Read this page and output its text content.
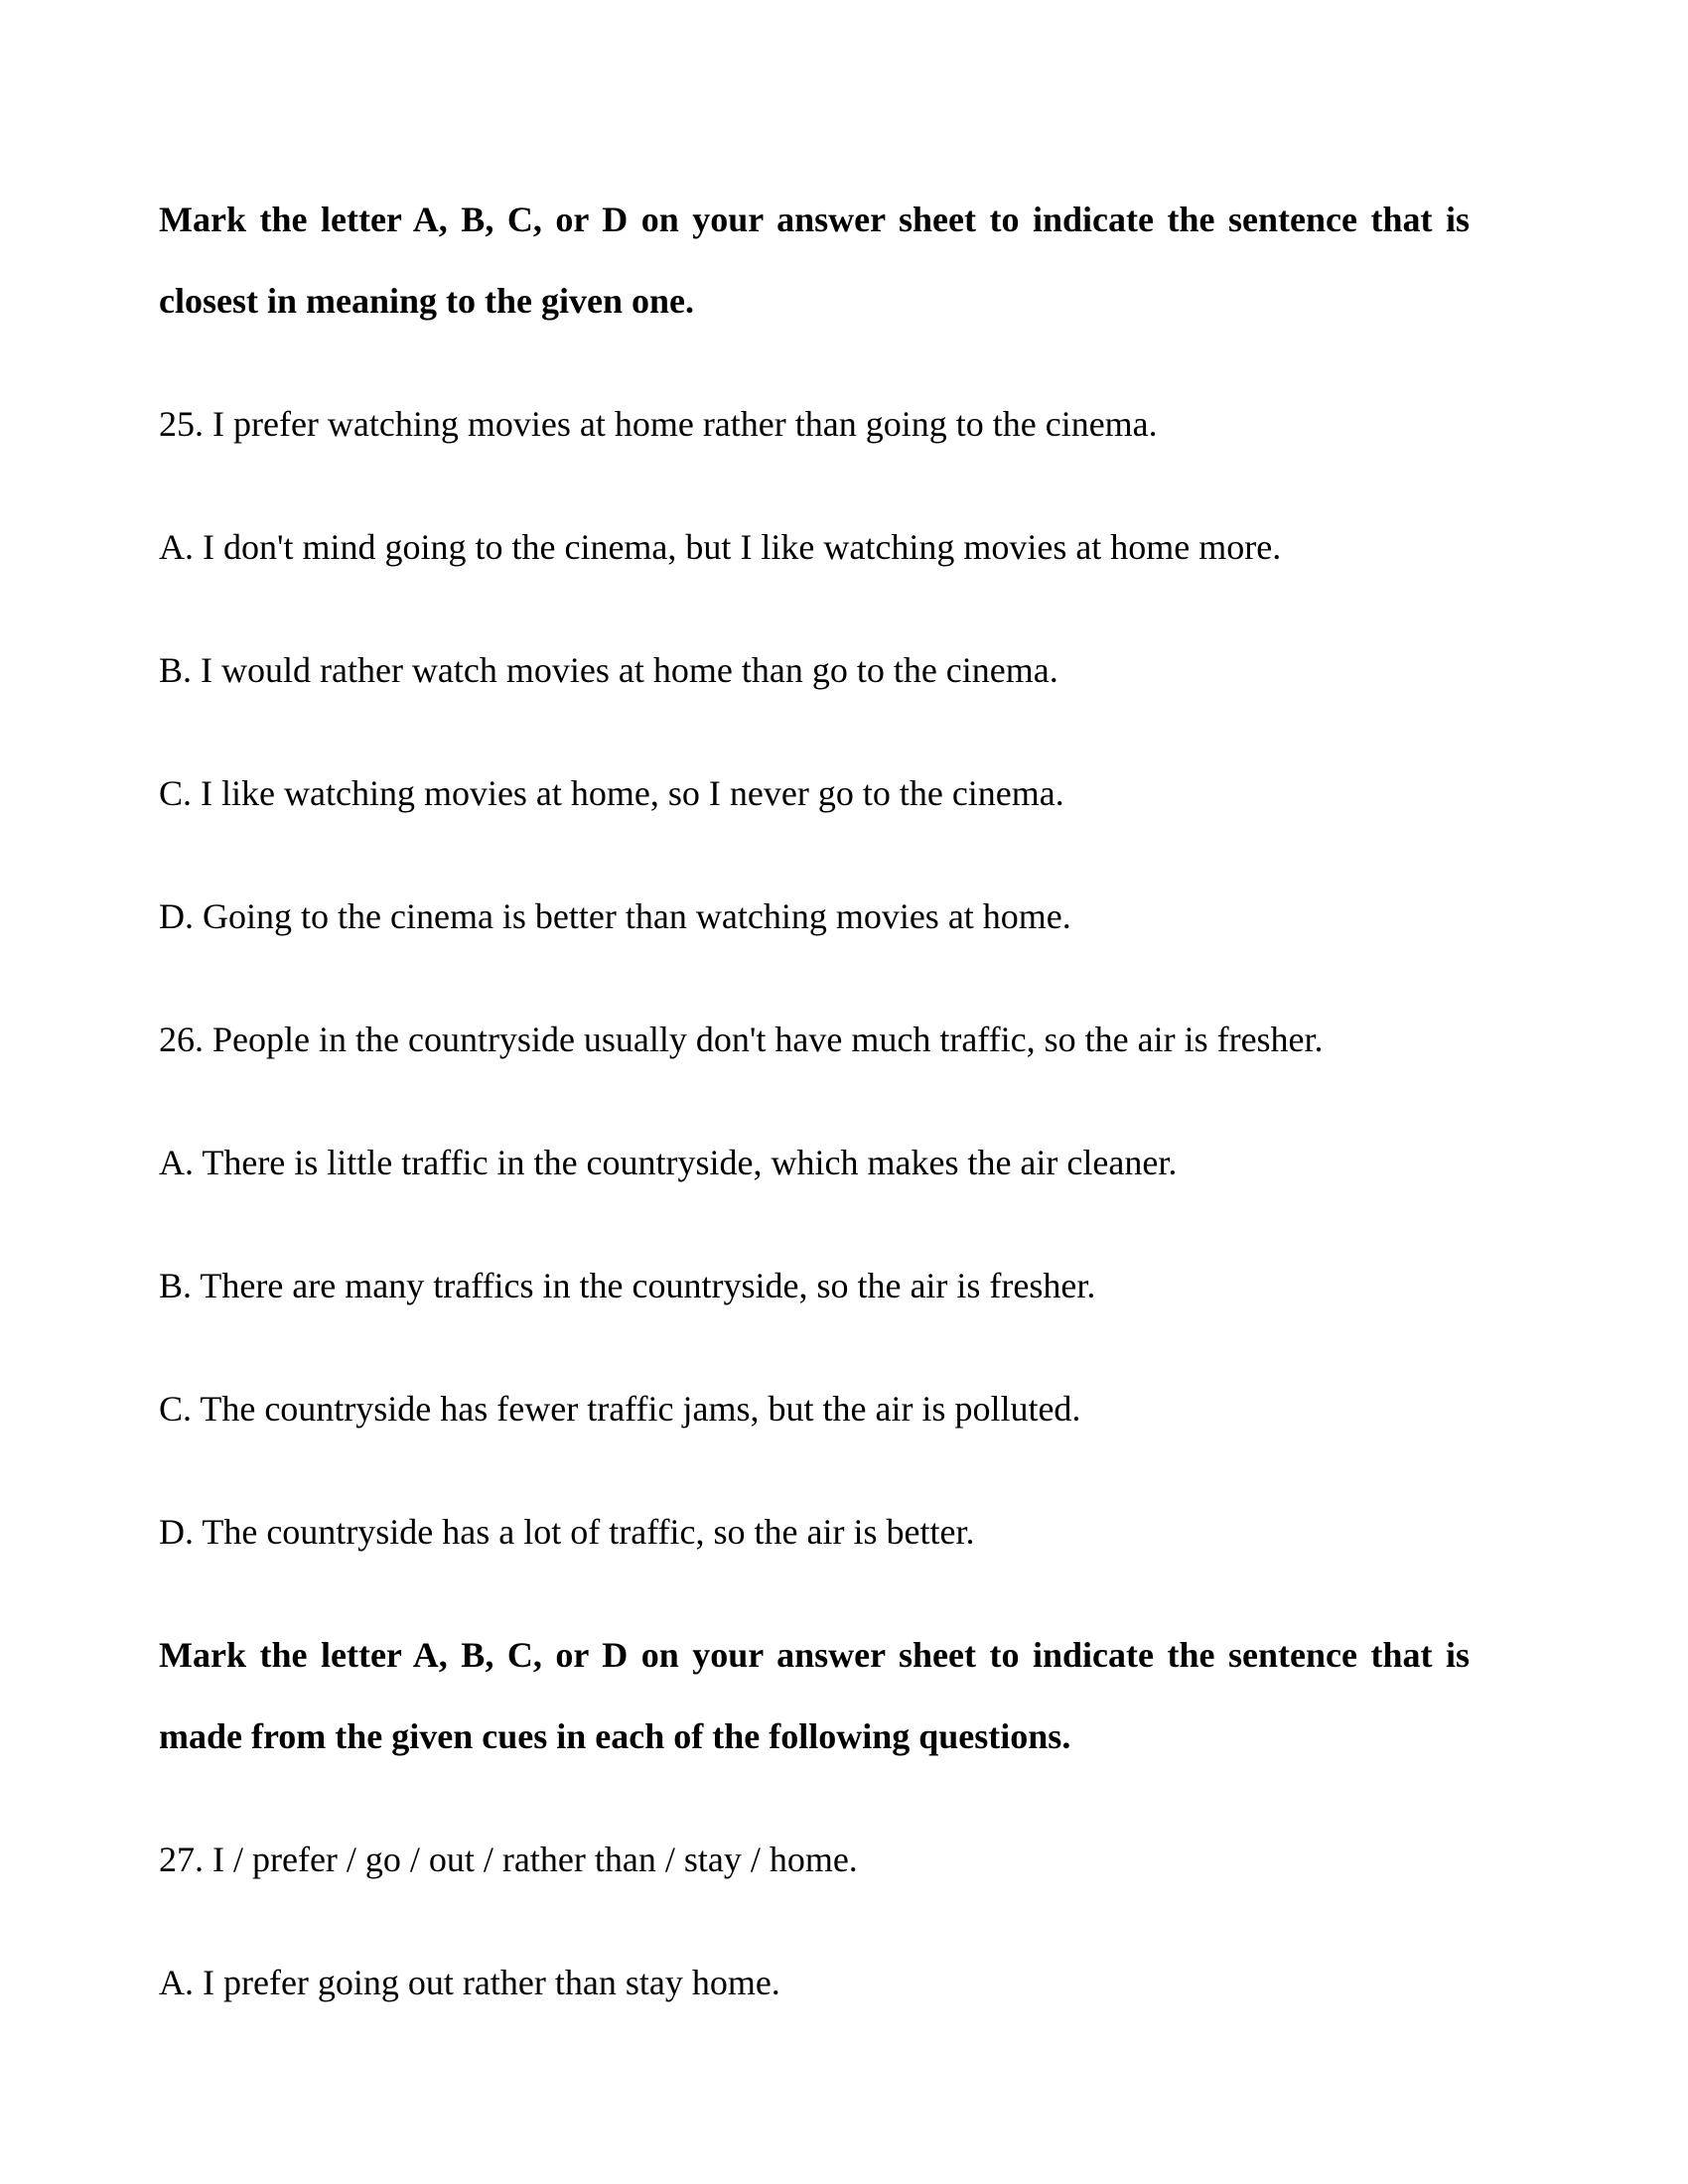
Mark the letter A, B, C, or D on your answer sheet to indicate the sentence that is
closest in meaning to the given one.
25. I prefer watching movies at home rather than going to the cinema.
A. I don't mind going to the cinema, but I like watching movies at home more.
B. I would rather watch movies at home than go to the cinema.
C. I like watching movies at home, so I never go to the cinema.
D. Going to the cinema is better than watching movies at home.
26. People in the countryside usually don't have much traffic, so the air is fresher.
A. There is little traffic in the countryside, which makes the air cleaner.
B. There are many traffics in the countryside, so the air is fresher.
C. The countryside has fewer traffic jams, but the air is polluted.
D. The countryside has a lot of traffic, so the air is better.
Mark the letter A, B, C, or D on your answer sheet to indicate the sentence that is
made from the given cues in each of the following questions.
27. I / prefer / go / out / rather than / stay / home.
A. I prefer going out rather than stay home.
